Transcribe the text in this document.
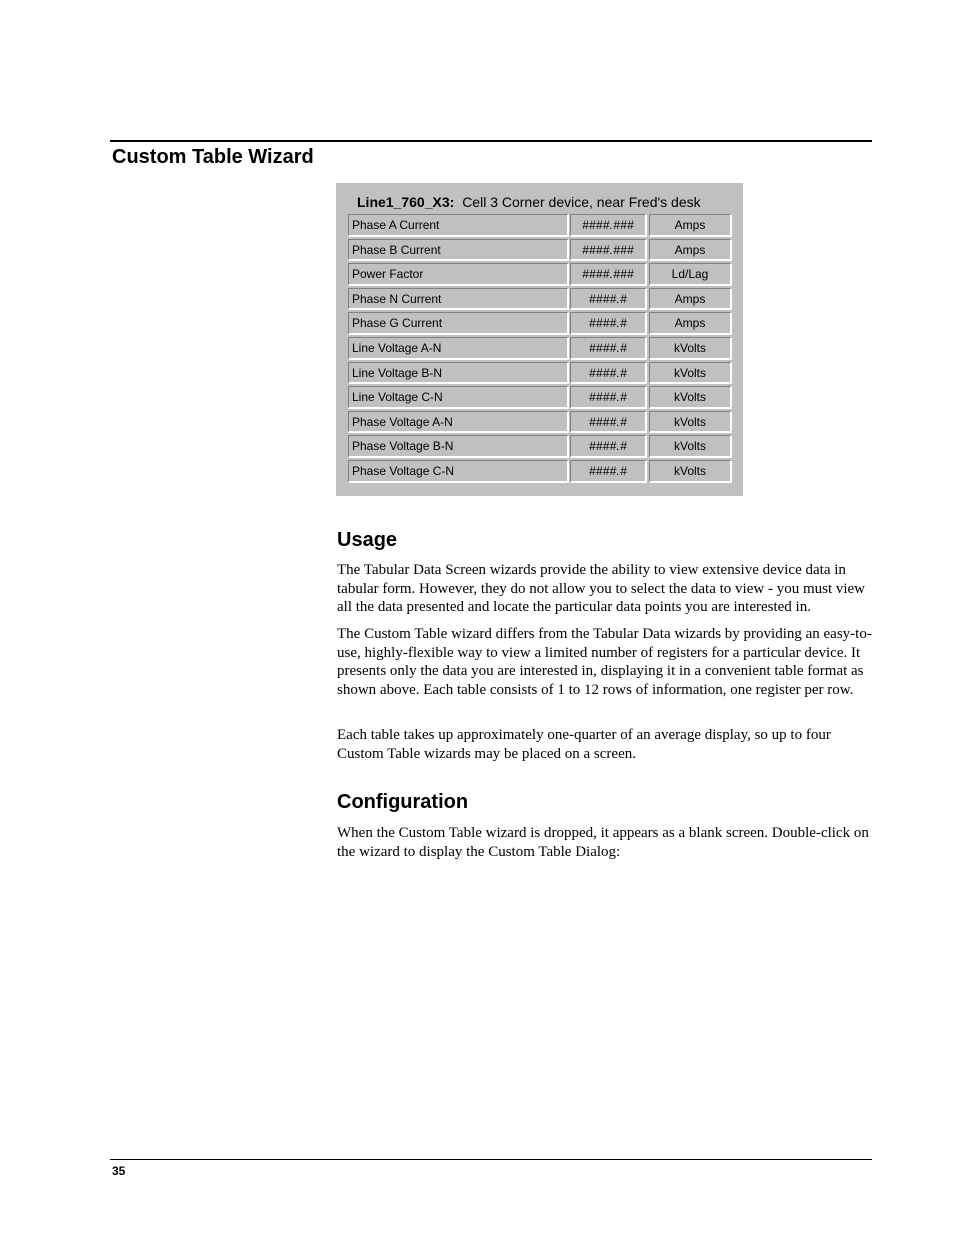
Custom Table Wizard
Line1_760_X3: Cell 3 Corner device, near Fred's desk
Phase A Current	####.###	Amps
Phase B Current	####.###	Amps
Power Factor	####.###	Ld/Lag
Phase N Current	####.#	Amps
Phase G Current	####.#	Amps
Line Voltage A-N	####.#	kVolts
Line Voltage B-N	####.#	kVolts
Line Voltage C-N	####.#	kVolts
Phase Voltage A-N	####.#	kVolts
Phase Voltage B-N	####.#	kVolts
Phase Voltage C-N	####.#	kVolts
Usage

The Tabular Data Screen wizards provide the ability to view extensive device data in tabular form. However, they do not allow you to select the data to view - you must view all the data presented and locate the particular data points you are interested in.

The Custom Table wizard differs from the Tabular Data wizards by providing an easy-to-use, highly-flexible way to view a limited number of registers for a particular device. It presents only the data you are interested in, displaying it in a convenient table format as shown above. Each table consists of 1 to 12 rows of information, one register per row.

Each table takes up approximately one-quarter of an average display, so up to four Custom Table wizards may be placed on a screen.

Configuration

When the Custom Table wizard is dropped, it appears as a blank screen. Double-click on the wizard to display the Custom Table Dialog:

35
